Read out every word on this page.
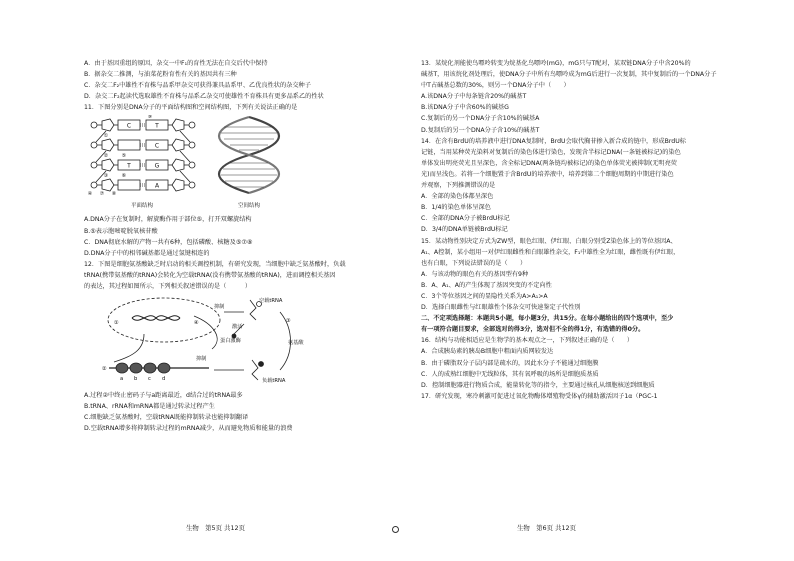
A．由于基因重组的原因，杂交一中F₁的育性无法在自交后代中保持
B．据杂交二推测，与油菜花粉育性有关的基因共有三种
C．杂交二F₂中雄性不育株与品系甲杂交可获得兼具品系甲、乙优良性状的杂交种子
D．杂交二F₂起读代选取雄性不育株与品系乙杂交可使雄性不育株具有更多品系乙的性状
11．下图分别是DNA分子的平面结构图和空间结构图，下列有关说法正确的是
C	T
C
G
A
T
⑨
①
②
③
④
⑤
⑥
⑦ ⑧
平面结构	空间结构
A.DNA分子在复制时，解旋酶作用于部位⑤，打开双螺旋结构
B.⑤表示胞嘧啶脱氧核苷酸
C．DNA彻底水解的产物一共有6种，包括磷酸、核糖及⑤⑦⑧
D.DNA分子中的相邻碱基都是通过氢键相连的
12．下图是细胞氨基酸缺乏时启动的相关调控机制，有研究发现，当细胞中缺乏氨基酸时，负载
tRNA(携带氨基酸的tRNA)会转化为空载tRNA(没有携带氨基酸的tRNA)，进而调控相关基因
的表达，其过程如图所示，下列相关叙述错误的是（　　　）
空载tRNA
抑制
激活
蛋白激酶
抑制
负载tRNA
氨基酸
④
①
②
③
a b c d
A.过程②中终止密码子与a距离最近，d结合过的tRNA最多
B.tRNA、rRNA和mRNA都是通过转录过程产生
C.细胞缺乏氨基酸时，空载tRNA既能抑制转录也能抑制翻译
D.空载tRNA增多将抑制转录过程的mRNA减少，从而避免物质和能量的浪费
生物　第5页 共12页
13．某烷化剂能使鸟嘌呤转变为烷基化鸟嘌呤(mG)，mG只与T配对，某双链DNA分子中含20%的
碱基T，用该烷化剂处理后，使DNA分子中所有鸟嘌呤成为mG后进行一次复制，其中复制后的一个DNA分子
中T占碱基总数的30%，则另一个DNA分子中（　　）
A.该DNA分子中每条链含20%的碱基T
B.该DNA分子中含60%的碱基G
C.复制后的另一个DNA分子含10%的碱基A
D.复制后的另一个DNA分子含10%的碱基T
14．在含有BrdU的培养液中进行DNA复制时，BrdU会取代胸苷掺入新合成的链中，形成BrdU标
记链，当用某种荧光染料对复制后的染色体进行染色，发现含半标记DNA(一条链被标记)的染色
单体发出明亮荧光且呈深色，含全标记DNA(两条链均被标记)的染色单体荧光被抑制(无明亮荧
光)而呈浅色。若将一个细胞置于含BrdU的培养液中，培养到第二个细胞周期的中期进行染色
并观察，下列推测错误的是
A．全部的染色体都呈深色
B．1/4的染色单体呈深色
C．全部的DNA分子被BrdU标记
D．3/4的DNA单链被BrdU标记
15．某动物性别决定方式为ZW型，眼色红眼、伊红眼、白眼分别受Z染色体上的等位基因A、
A₁、A控制，某小组用一对伊红眼雌性和白眼雄性杂交，F₁中雄性全为红眼，雌性既有伊红眼，
也有白眼，下列说法错误的是（　　）
A．与该动物的眼色有关的基因型有9种
B．A、A₁、A的产生体现了基因突变的不定向性
C．3个等位基因之间的显隐性关系为A>A₁>A
D．选择白眼雌性与红眼雄性个体杂交可快速鉴定子代性别
二、不定项选择题：本题共5小题，每小题3分，共15分。在每小题给出的四个选项中，至少
有一项符合题目要求，全部选对的得3分，选对但不全的得1分，有选错的得0分。
16．结构与功能相适应是生物学的基本观点之一，下列叙述正确的是（　　）
A．合成胰岛素的胰岛B细胞中粗面内质网较发达
B．由于磷脂双分子层内部是疏水的，因此水分子不能通过细胞膜
C．人的成熟红细胞中无线粒体，其有氧呼吸的场所是细胞质基质
D．控制细胞器进行物质合成，能量转化等的指令，主要通过核孔从细胞核送到细胞质
17．研究发现，寒冷刺激可促进过氧化物酶体增殖物受体γ的辅助激活因子1α（PGC-1
生物　第6页 共12页
